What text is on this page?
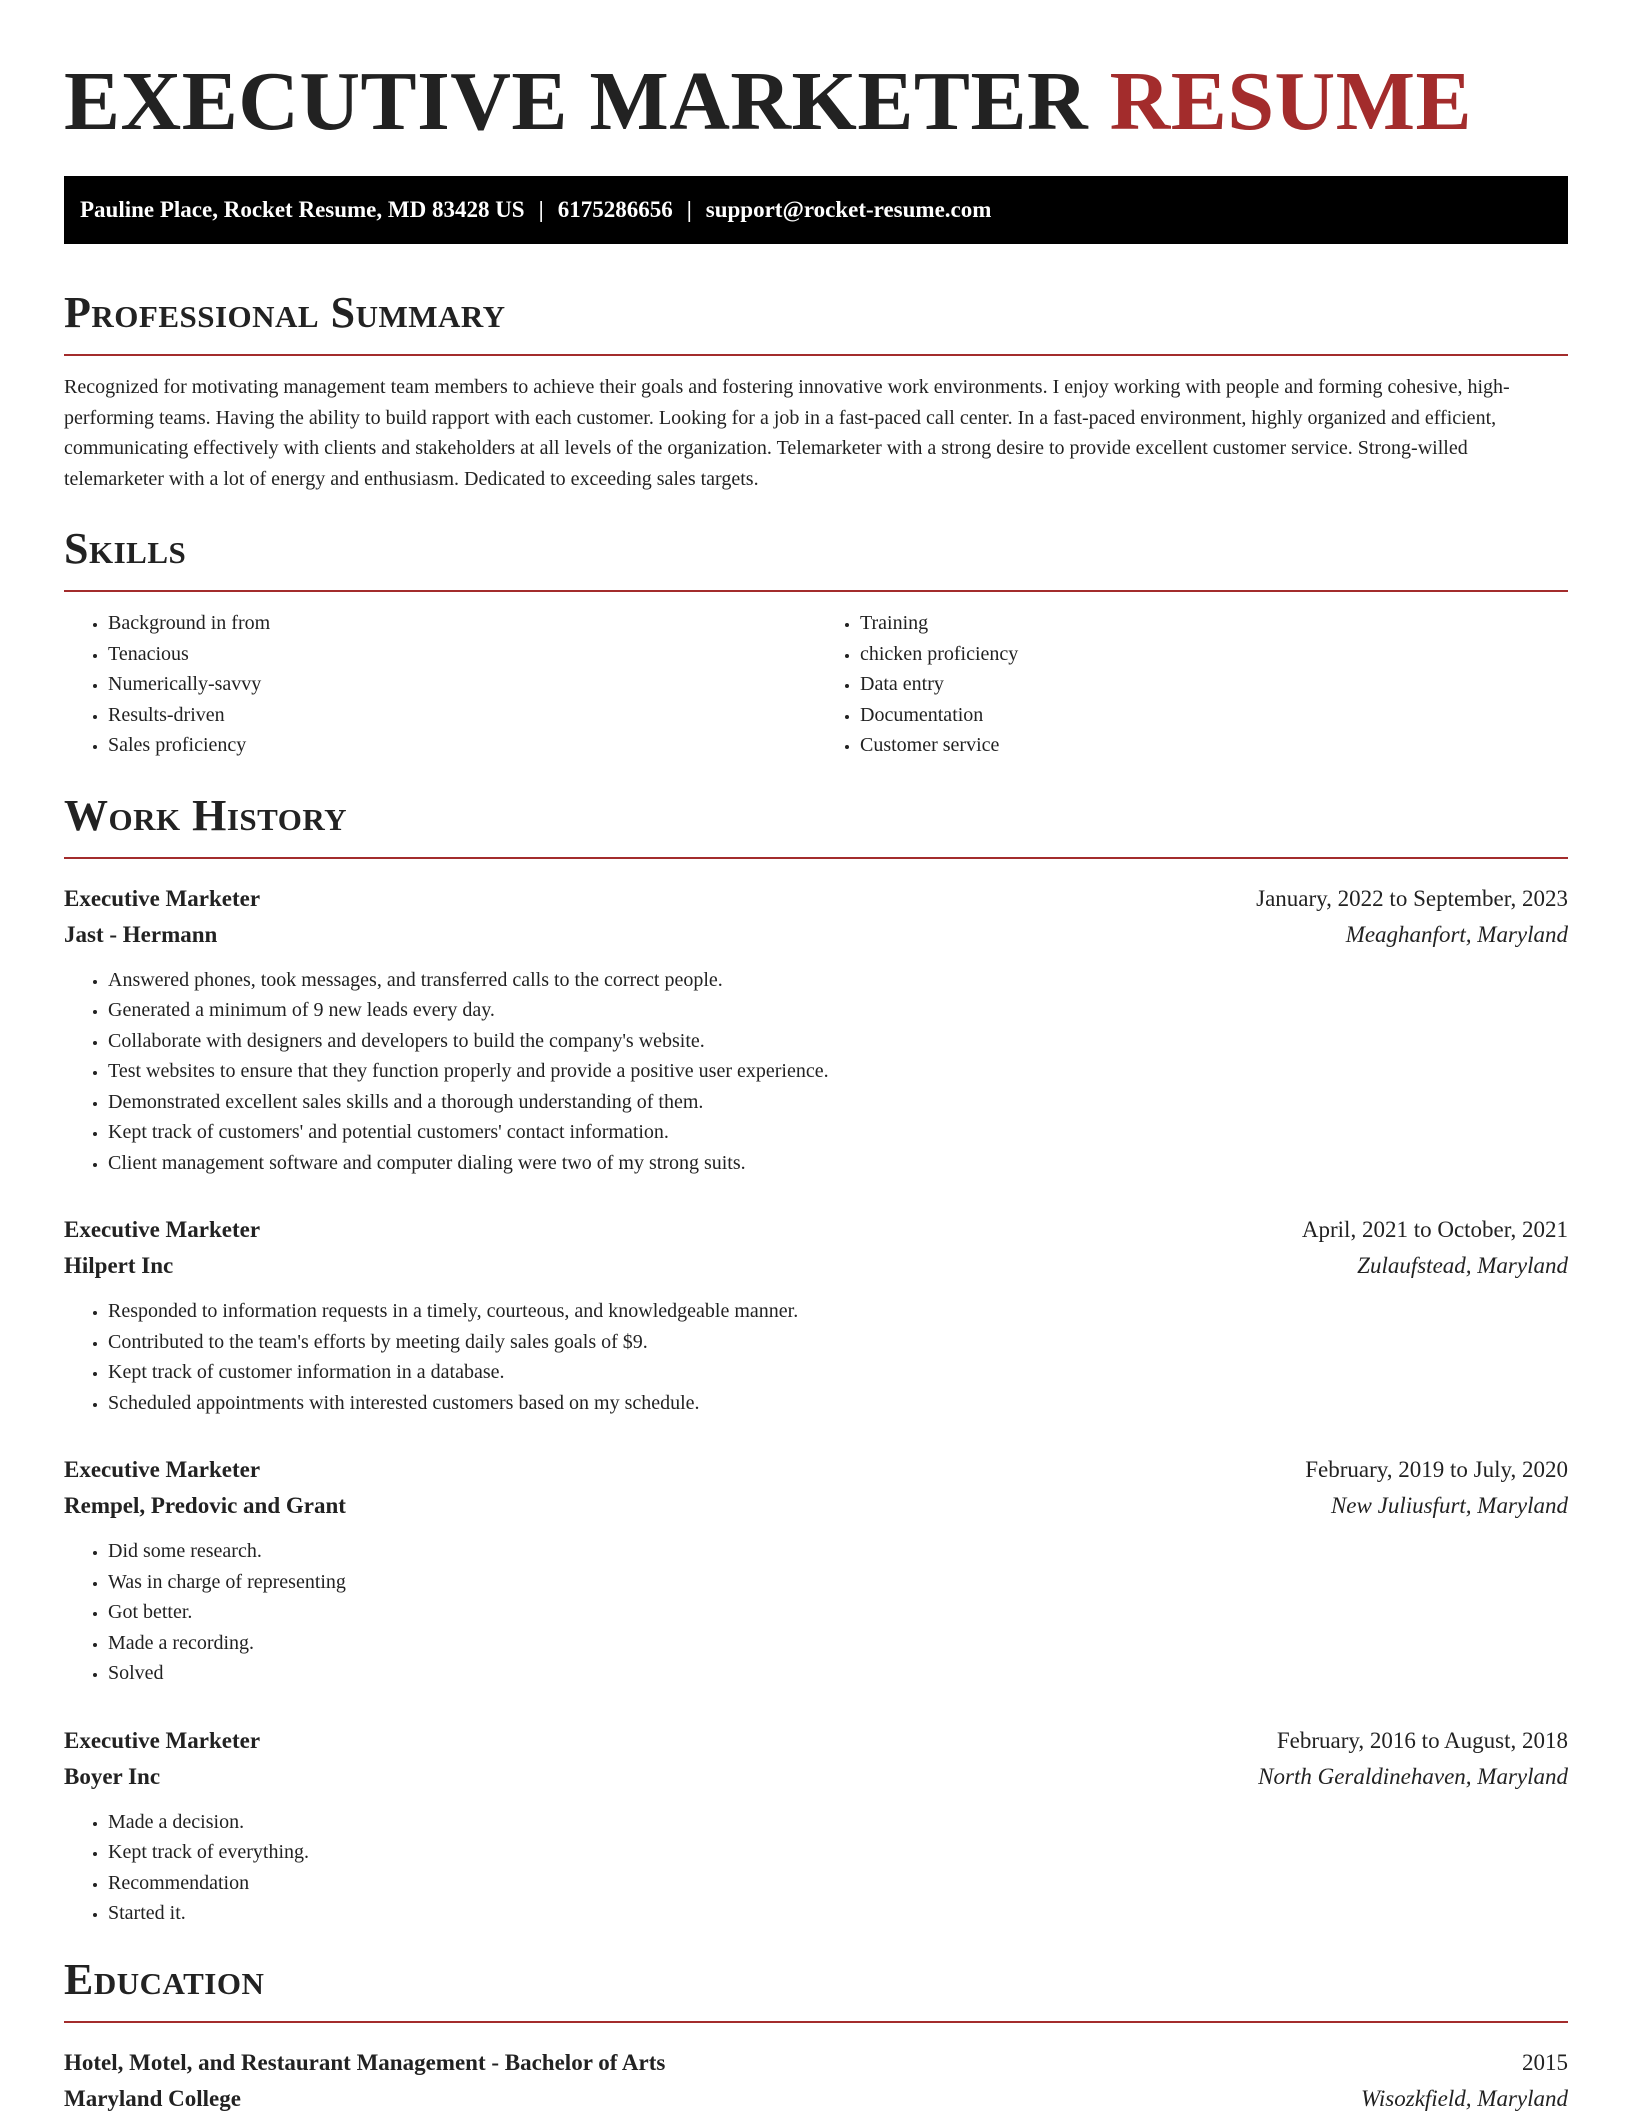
EXECUTIVE MARKETER RESUME
Pauline Place, Rocket Resume, MD 83428 US | 6175286656 | support@rocket-resume.com
Professional Summary

Recognized for motivating management team members to achieve their goals and fostering innovative work environments. I enjoy working with people and forming cohesive, high-performing teams. Having the ability to build rapport with each customer. Looking for a job in a fast-paced call center. In a fast-paced environment, highly organized and efficient, communicating effectively with clients and stakeholders at all levels of the organization. Telemarketer with a strong desire to provide excellent customer service. Strong-willed telemarketer with a lot of energy and enthusiasm. Dedicated to exceeding sales targets.

Skills
• Background in from
• Tenacious
• Numerically-savvy
• Results-driven
• Sales proficiency
• Training
• chicken proficiency
• Data entry
• Documentation
• Customer service
Work History
Executive Marketer	January, 2022 to September, 2023
Jast - Hermann	Meaghanfort, Maryland
• Answered phones, took messages, and transferred calls to the correct people.
• Generated a minimum of 9 new leads every day.
• Collaborate with designers and developers to build the company's website.
• Test websites to ensure that they function properly and provide a positive user experience.
• Demonstrated excellent sales skills and a thorough understanding of them.
• Kept track of customers' and potential customers' contact information.
• Client management software and computer dialing were two of my strong suits.
Executive Marketer	April, 2021 to October, 2021
Hilpert Inc	Zulaufstead, Maryland
• Responded to information requests in a timely, courteous, and knowledgeable manner.
• Contributed to the team's efforts by meeting daily sales goals of $9.
• Kept track of customer information in a database.
• Scheduled appointments with interested customers based on my schedule.
Executive Marketer	February, 2019 to July, 2020
Rempel, Predovic and Grant	New Juliusfurt, Maryland
• Did some research.
• Was in charge of representing
• Got better.
• Made a recording.
• Solved
Executive Marketer	February, 2016 to August, 2018
Boyer Inc	North Geraldinehaven, Maryland
• Made a decision.
• Kept track of everything.
• Recommendation
• Started it.
Education
Hotel, Motel, and Restaurant Management - Bachelor of Arts	2015
Maryland College	Wisozkfield, Maryland
